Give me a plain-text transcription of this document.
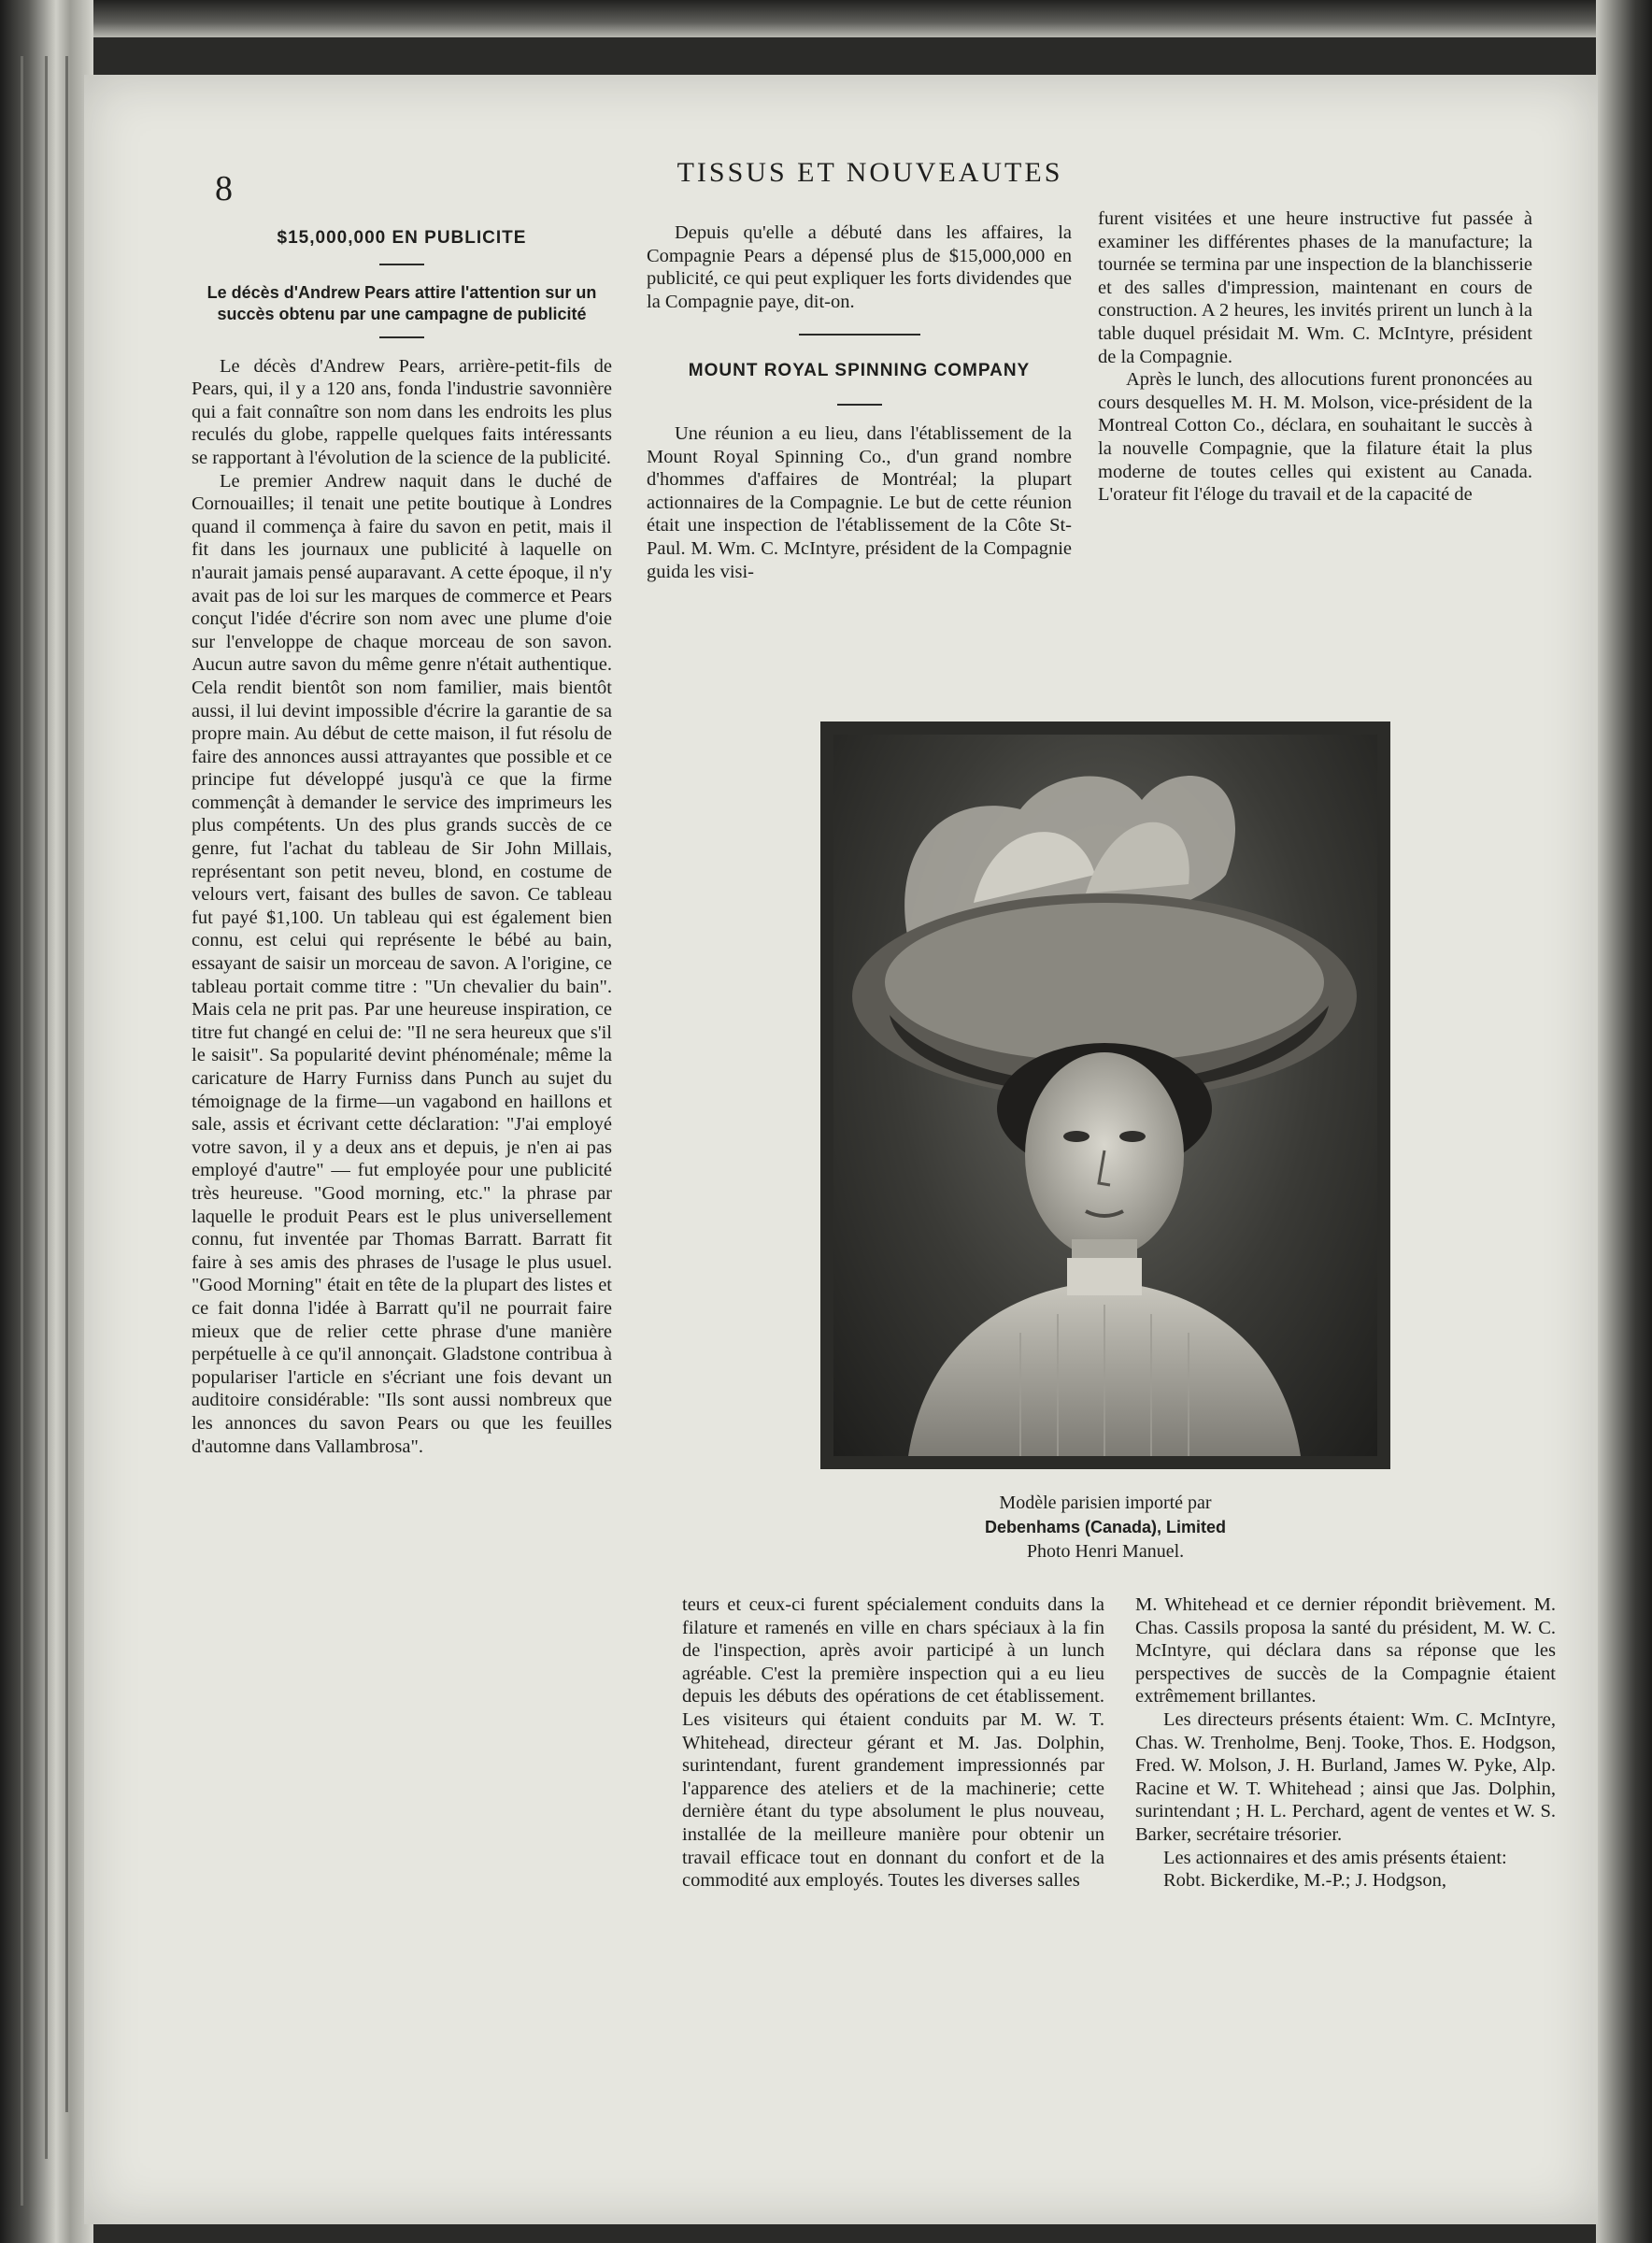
8	TISSUS ET NOUVEAUTES
$15,000,000 EN PUBLICITE
Le décès d'Andrew Pears attire l'attention sur un succès obtenu par une campagne de publicité

Le décès d'Andrew Pears, arrière-petit-fils de Pears, qui, il y a 120 ans, fonda l'industrie savonnière qui a fait connaître son nom dans les endroits les plus reculés du globe, rappelle quelques faits intéressants se rapportant à l'évolution de la science de la publicité.

Le premier Andrew naquit dans le duché de Cornouailles; il tenait une petite boutique à Londres quand il commença à faire du savon en petit, mais il fit dans les journaux une publicité à laquelle on n'aurait jamais pensé auparavant. A cette époque, il n'y avait pas de loi sur les marques de commerce et Pears conçut l'idée d'écrire son nom avec une plume d'oie sur l'enveloppe de chaque morceau de son savon. Aucun autre savon du même genre n'était authentique. Cela rendit bientôt son nom familier, mais bientôt aussi, il lui devint impossible d'écrire la garantie de sa propre main. Au début de cette maison, il fut résolu de faire des annonces aussi attrayantes que possible et ce principe fut développé jusqu'à ce que la firme commençât à demander le service des imprimeurs les plus compétents. Un des plus grands succès de ce genre, fut l'achat du tableau de Sir John Millais, représentant son petit neveu, blond, en costume de velours vert, faisant des bulles de savon. Ce tableau fut payé $1,100. Un tableau qui est également bien connu, est celui qui représente le bébé au bain, essayant de saisir un morceau de savon. A l'origine, ce tableau portait comme titre : "Un chevalier du bain". Mais cela ne prit pas. Par une heureuse inspiration, ce titre fut changé en celui de: "Il ne sera heureux que s'il le saisit". Sa popularité devint phénoménale; même la caricature de Harry Furniss dans Punch au sujet du témoignage de la firme—un vagabond en haillons et sale, assis et écrivant cette déclaration: "J'ai employé votre savon, il y a deux ans et depuis, je n'en ai pas employé d'autre" — fut employée pour une publicité très heureuse. "Good morning, etc." la phrase par laquelle le produit Pears est le plus universellement connu, fut inventée par Thomas Barratt. Barratt fit faire à ses amis des phrases de l'usage le plus usuel. "Good Morning" était en tête de la plupart des listes et ce fait donna l'idée à Barratt qu'il ne pourrait faire mieux que de relier cette phrase d'une manière perpétuelle à ce qu'il annonçait. Gladstone contribua à populariser l'article en s'écriant une fois devant un auditoire considérable: "Ils sont aussi nombreux que les annonces du savon Pears ou que les feuilles d'automne dans Vallambrosa".

Depuis qu'elle a débuté dans les affaires, la Compagnie Pears a dépensé plus de $15,000,000 en publicité, ce qui peut expliquer les forts dividendes que la Compagnie paye, dit-on.

MOUNT ROYAL SPINNING COMPANY

Une réunion a eu lieu, dans l'établissement de la Mount Royal Spinning Co., d'un grand nombre d'hommes d'affaires de Montréal; la plupart actionnaires de la Compagnie. Le but de cette réunion était une inspection de l'établissement de la Côte St-Paul. M. Wm. C. McIntyre, président de la Compagnie guida les visi-

furent visitées et une heure instructive fut passée à examiner les différentes phases de la manufacture; la tournée se termina par une inspection de la blanchisserie et des salles d'impression, maintenant en cours de construction. A 2 heures, les invités prirent un lunch à la table duquel présidait M. Wm. C. McIntyre, président de la Compagnie.

Après le lunch, des allocutions furent prononcées au cours desquelles M. H. M. Molson, vice-président de la Montreal Cotton Co., déclara, en souhaitant le succès à la nouvelle Compagnie, que la filature était la plus moderne de toutes celles qui existent au Canada. L'orateur fit l'éloge du travail et de la capacité de

Modèle parisien importé par
Debenhams (Canada), Limited
Photo Henri Manuel.

teurs et ceux-ci furent spécialement conduits dans la filature et ramenés en ville en chars spéciaux à la fin de l'inspection, après avoir participé à un lunch agréable. C'est la première inspection qui a eu lieu depuis les débuts des opérations de cet établissement. Les visiteurs qui étaient conduits par M. W. T. Whitehead, directeur gérant et M. Jas. Dolphin, surintendant, furent grandement impressionnés par l'apparence des ateliers et de la machinerie; cette dernière étant du type absolument le plus nouveau, installée de la meilleure manière pour obtenir un travail efficace tout en donnant du confort et de la commodité aux employés. Toutes les diverses salles

M. Whitehead et ce dernier répondit brièvement. M. Chas. Cassils proposa la santé du président, M. W. C. McIntyre, qui déclara dans sa réponse que les perspectives de succès de la Compagnie étaient extrêmement brillantes.

Les directeurs présents étaient: Wm. C. McIntyre, Chas. W. Trenholme, Benj. Tooke, Thos. E. Hodgson, Fred. W. Molson, J. H. Burland, James W. Pyke, Alp. Racine et W. T. Whitehead ; ainsi que Jas. Dolphin, surintendant ; H. L. Perchard, agent de ventes et W. S. Barker, secrétaire trésorier.

Les actionnaires et des amis présents étaient:

Robt. Bickerdike, M.-P.; J. Hodgson,
